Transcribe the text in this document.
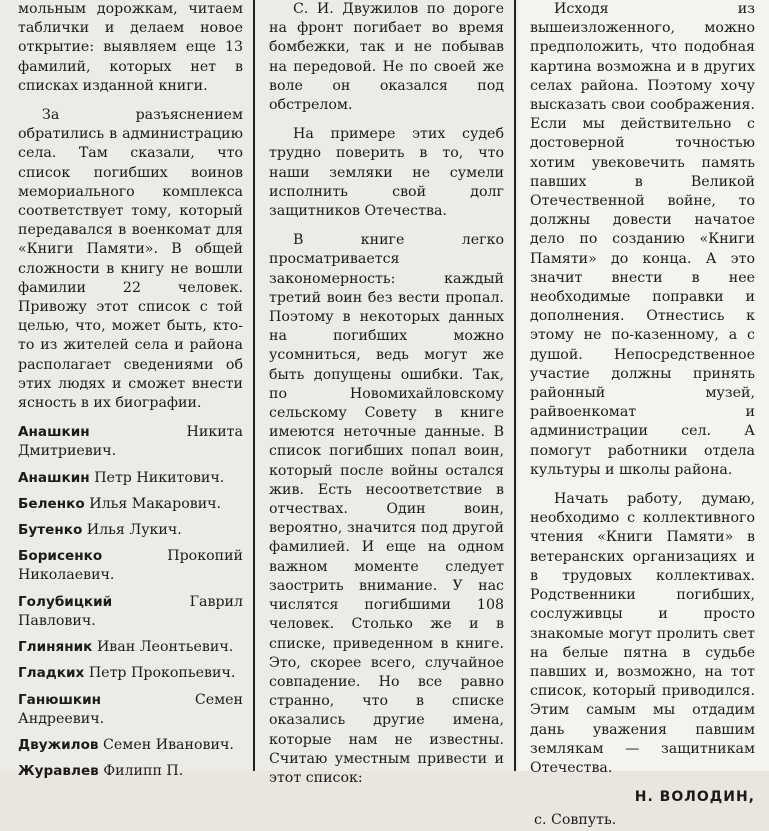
мольным дорожкам, читаем таблички и делаем новое открытие: выявляем еще 13 фамилий, которых нет в списках изданной книги.

За разъяснением обратились в администрацию села. Там сказали, что список погибших воинов мемориального комплекса соответствует тому, который передавался в военкомат для «Книги Памяти». В общей сложности в книгу не вошли фамилии 22 человек. Привожу этот список с той целью, что, может быть, кто-то из жителей села и района располагает сведениями об этих людях и сможет внести ясность в их биографии.

Анашкин	Никита Дмитриевич.
Анашкин Петр Никитович.
Беленко Илья Макарович.
Бутенко Илья Лукич.
Борисенко	Прокопий Николаевич.
Голубицкий	Гаврил Павлович.
Глиняник Иван Леонтьевич.
Гладких Петр Прокопьевич.
Ганюшкин	Семен Андреевич.
Двужилов Семен Иванович.
Журавлев Филипп П.

С. И. Двужилов по дороге на фронт погибает во время бомбежки, так и не побывав на передовой. Не по своей же воле он оказался под обстрелом.

На примере этих судеб трудно поверить в то, что наши земляки не сумели исполнить свой долг защитников Отечества.

В книге легко просматривается закономерность: каждый третий воин без вести пропал. Поэтому в некоторых данных на погибших можно усомниться, ведь могут же быть допущены ошибки. Так, по Новомихайловскому сельскому Совету в книге имеются неточные данные. В список погибших попал воин, который после войны остался жив. Есть несоответствие в отчествах. Один воин, вероятно, значится под другой фамилией. И еще на одном важном моменте следует заострить внимание. У нас числятся погибшими 108 человек. Столько же и в списке, приведенном в книге. Это, скорее всего, случайное совпадение. Но все равно странно, что в списке оказались другие имена, которые нам не известны. Считаю уместным привести и этот список:

Исходя из вышеизложенного, можно предположить, что подобная картина возможна и в других селах района. Поэтому хочу высказать свои соображения. Если мы действительно с достоверной точностью хотим увековечить память павших в Великой Отечественной войне, то должны довести начатое дело по созданию «Книги Памяти» до конца. А это значит внести в нее необходимые поправки и дополнения. Отнестись к этому не по-казенному, а с душой. Непосредственное участие должны принять районный музей, райвоенкомат и администрации сел. А помогут работники отдела культуры и школы района.

Начать работу, думаю, необходимо с коллективного чтения «Книги Памяти» в ветеранских организациях и в трудовых коллективах. Родственники погибших, сослуживцы и просто знакомые могут пролить свет на белые пятна в судьбе павших и, возможно, на тот список, который приводился. Этим самым мы отдадим дань уважения павшим землякам — защитникам Отечества.

Н. ВОЛОДИН,
с. Совпуть.
